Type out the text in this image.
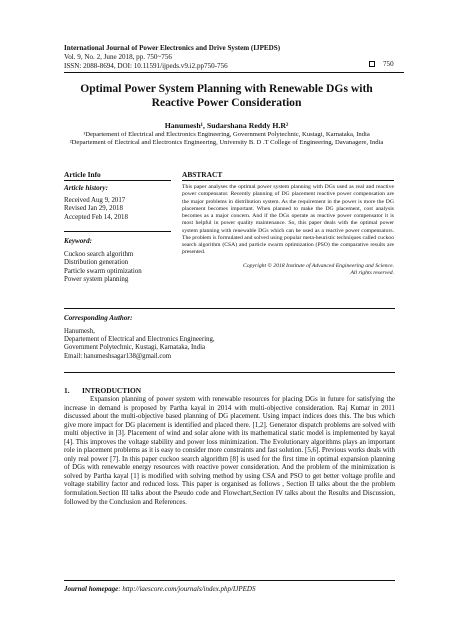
International Journal of Power Electronics and Drive System (IJPEDS)
Vol. 9, No. 2, June 2018, pp. 750~756
ISSN: 2088-8694, DOI: 10.11591/ijpeds.v9.i2.pp750-756	750
Optimal Power System Planning with Renewable DGs with Reactive Power Consideration
Hanumesh¹, Sudarshana Reddy H.R²
¹Departement of Electrical and Electronics Engineering, Government Polytechnic, Kustagi, Karnataka, India
²Departement of Electrical and Electronics Engineering, University B. D .T College of Engineering, Davanagere, India
Article Info	ABSTRACT
Article history:
Received Aug 9, 2017
Revised Jan 29, 2018
Accepted Feb 14, 2018
Keyword:
Cuckoo search algorithm
Distribution generation
Particle swarm optimization
Power system planning
This paper analyses the optimal power system planning with DGs used as real and reactive power compensator. Recently planning of DG placement reactive power compensation are the major problems in distribution system. As the requirement in the power is more the DG placement becomes important. When planned to make the DG placement, cost analysis becomes as a major concern. And if the DGs operate as reactive power compensator it is most helpful in power quality maintenance. So, this paper deals with the optimal power system planning with renewable DGs which can be used as a reactive power compensators. The problem is formulated and solved using popular meta-heuristic techniques called cuckoo search algorithm (CSA) and particle swarm optimization (PSO) the comparative results are presented.
Copyright © 2018 Institute of Advanced Engineering and Science.
All rights reserved.
Corresponding Author:
Hanumesh,
Departement of Electrical and Electronics Engineering,
Government Polytechnic, Kustagi, Karnataka, India
Email: hanumeshsagar138@gmail.com
1. INTRODUCTION
Expansion planning of power system with renewable resources for placing DGs in future for satisfying the increase in demand is proposed by Partha kayal in 2014 with multi-objective consideration. Raj Kumar in 2011 discussed about the multi-objective based planning of DG placement. Using impact indices does this. The bus which give more impact for DG placement is identified and placed there. [1,2]. Generator dispatch problems are solved with multi objective in [3]. Placement of wind and solar alone with its mathematical static model is implemented by kayal [4]. This improves the voltage stability and power loss minimization. The Evolutionary algorithms plays an important role in placement problems as it is easy to consider more constraints and fast solution. [5,6]. Previous works deals with only real power [7]. In this paper cuckoo search algorithm [8] is used for the first time in optimal expansion planning of DGs with renewable energy resources with reactive power consideration. And the problem of the minimization is solved by Partha kayal [1] is modified with solving method by using CSA and PSO to get better voltage profile and voltage stability factor and reduced loss. This paper is organised as follows , Section II talks about the the problem formulation.Section III talks about the Pseudo code and Flowchart,Section IV talks about the Results and Discussion, followed by the Conclusion and References.
Journal homepage: http://iaescore.com/journals/index.php/IJPEDS
